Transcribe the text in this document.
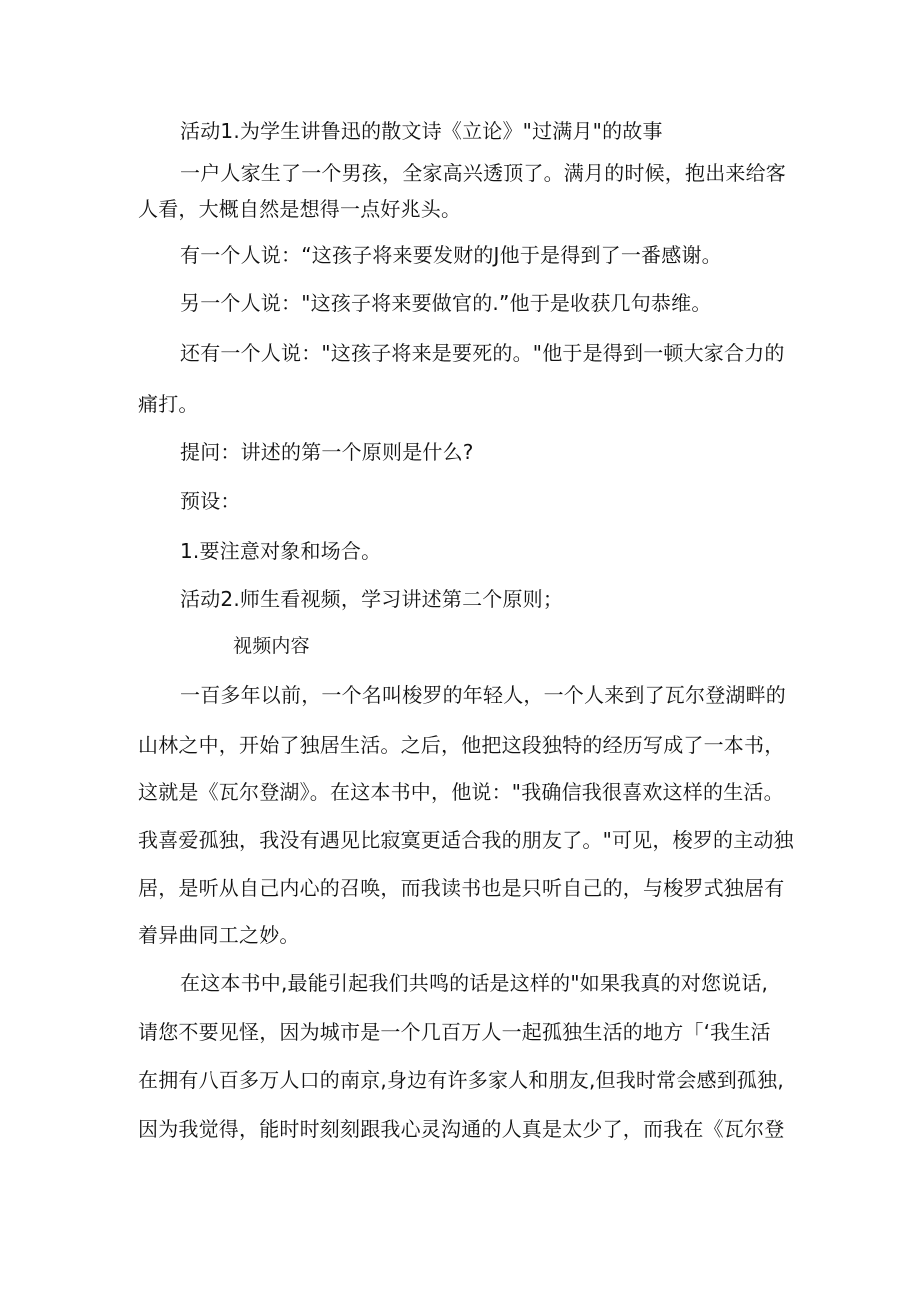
活动1.为学生讲鲁迅的散文诗《立论》"过满月"的故事

一户人家生了一个男孩，全家高兴透顶了。满月的时候，抱出来给客

人看，大概自然是想得一点好兆头。

有一个人说：“这孩子将来要发财的J他于是得到了一番感谢。

另一个人说："这孩子将来要做官的.”他于是收获几句恭维。

还有一个人说："这孩子将来是要死的。"他于是得到一顿大家合力的

痛打。

提问：讲述的第一个原则是什么?

预设：

1.要注意对象和场合。

活动2.师生看视频，学习讲述第二个原则；

视频内容

一百多年以前，一个名叫梭罗的年轻人，一个人来到了瓦尔登湖畔的

山林之中，开始了独居生活。之后，他把这段独特的经历写成了一本书，

这就是《瓦尔登湖》。在这本书中，他说："我确信我很喜欢这样的生活。

我喜爱孤独，我没有遇见比寂寞更适合我的朋友了。"可见，梭罗的主动独

居，是听从自己内心的召唤，而我读书也是只听自己的，与梭罗式独居有

着异曲同工之妙。

在这本书中,最能引起我们共鸣的话是这样的"如果我真的对您说话,

请您不要见怪，因为城市是一个几百万人一起孤独生活的地方「‘我生活

在拥有八百多万人口的南京,身边有许多家人和朋友,但我时常会感到孤独,

因为我觉得，能时时刻刻跟我心灵沟通的人真是太少了，而我在《瓦尔登
